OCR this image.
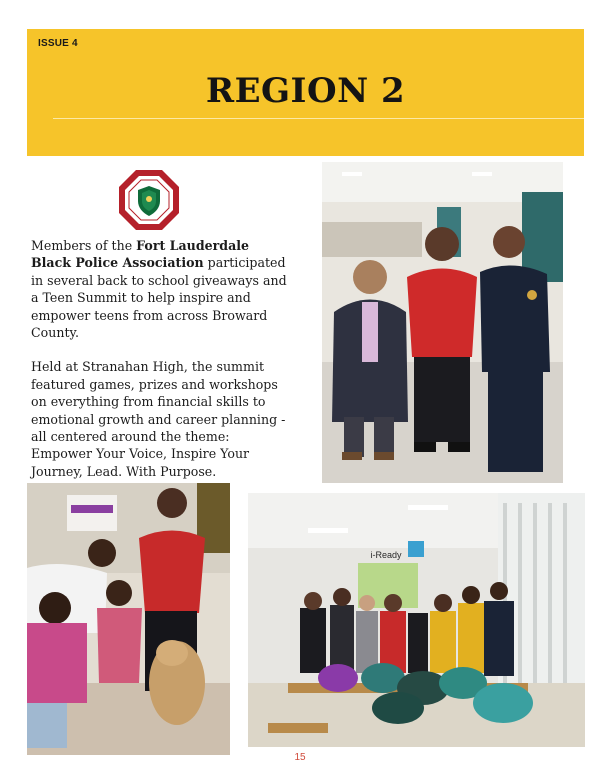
ISSUE 4
REGION 2

Members of the Fort Lauderdale Black Police Association participated in several back to school giveaways and a Teen Summit to help inspire and empower teens from across Broward County.

Held at Stranahan High, the summit featured games, prizes and workshops on everything from financial skills to emotional growth and career planning - all centered around the theme: Empower Your Voice, Inspire Your Journey, Lead. With Purpose.

i-Ready
15
